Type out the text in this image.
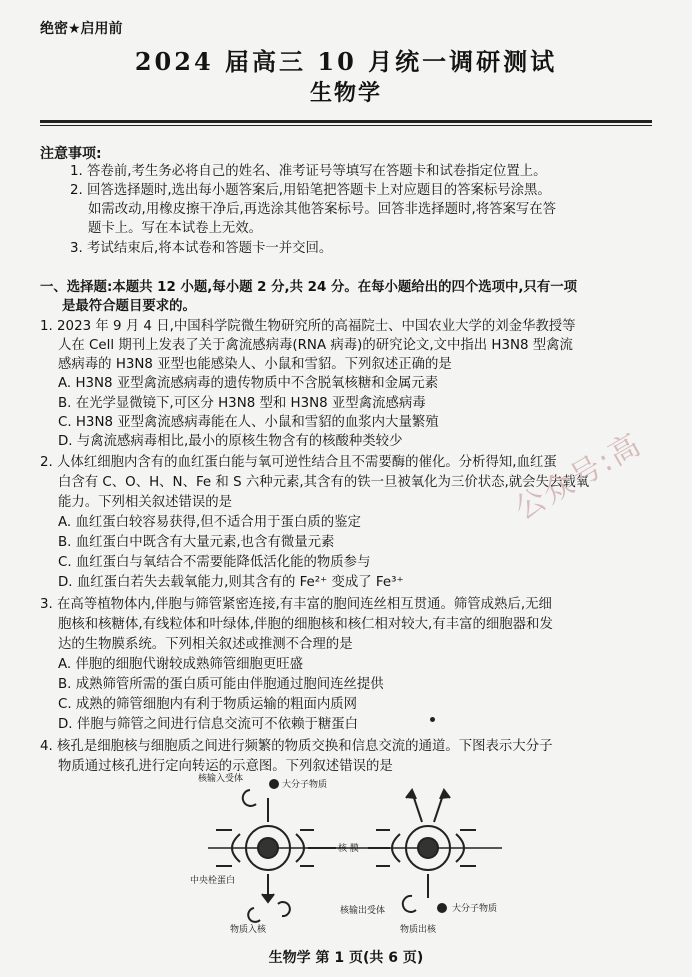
绝密★启用前
2024 届高三 10 月统一调研测试
生物学
注意事项:
1. 答卷前,考生务必将自己的姓名、准考证号等填写在答题卡和试卷指定位置上。
2. 回答选择题时,选出每小题答案后,用铅笔把答题卡上对应题目的答案标号涂黑。
如需改动,用橡皮擦干净后,再选涂其他答案标号。回答非选择题时,将答案写在答
题卡上。写在本试卷上无效。
3. 考试结束后,将本试卷和答题卡一并交回。
一、选择题:本题共 12 小题,每小题 2 分,共 24 分。在每小题给出的四个选项中,只有一项
是最符合题目要求的。
1. 2023 年 9 月 4 日,中国科学院微生物研究所的高福院士、中国农业大学的刘金华教授等
人在 Cell 期刊上发表了关于禽流感病毒(RNA 病毒)的研究论文,文中指出 H3N8 型禽流
感病毒的 H3N8 亚型也能感染人、小鼠和雪貂。下列叙述正确的是
A. H3N8 亚型禽流感病毒的遗传物质中不含脱氧核糖和金属元素
B. 在光学显微镜下,可区分 H3N8 型和 H3N8 亚型禽流感病毒
C. H3N8 亚型禽流感病毒能在人、小鼠和雪貂的血浆内大量繁殖
D. 与禽流感病毒相比,最小的原核生物含有的核酸种类较少
2. 人体红细胞内含有的血红蛋白能与氧可逆性结合且不需要酶的催化。分析得知,血红蛋
白含有 C、O、H、N、Fe 和 S 六种元素,其含有的铁一旦被氧化为三价状态,就会失去载氧
能力。下列相关叙述错误的是
A. 血红蛋白较容易获得,但不适合用于蛋白质的鉴定
B. 血红蛋白中既含有大量元素,也含有微量元素
C. 血红蛋白与氧结合不需要能降低活化能的物质参与
D. 血红蛋白若失去载氧能力,则其含有的 Fe²⁺ 变成了 Fe³⁺
3. 在高等植物体内,伴胞与筛管紧密连接,有丰富的胞间连丝相互贯通。筛管成熟后,无细
胞核和核糖体,有线粒体和叶绿体,伴胞的细胞核和核仁相对较大,有丰富的细胞器和发
达的生物膜系统。下列相关叙述或推测不合理的是
A. 伴胞的细胞代谢较成熟筛管细胞更旺盛
B. 成熟筛管所需的蛋白质可能由伴胞通过胞间连丝提供
C. 成熟的筛管细胞内有利于物质运输的粗面内质网
D. 伴胞与筛管之间进行信息交流可不依赖于糖蛋白
4. 核孔是细胞核与细胞质之间进行频繁的物质交换和信息交流的通道。下图表示大分子
物质通过核孔进行定向转运的示意图。下列叙述错误的是
公众号:高
核输入受体
大分子物质
核 膜
中央栓蛋白
物质入核
核输出受体
物质出核
大分子物质
生物学 第 1 页(共 6 页)
